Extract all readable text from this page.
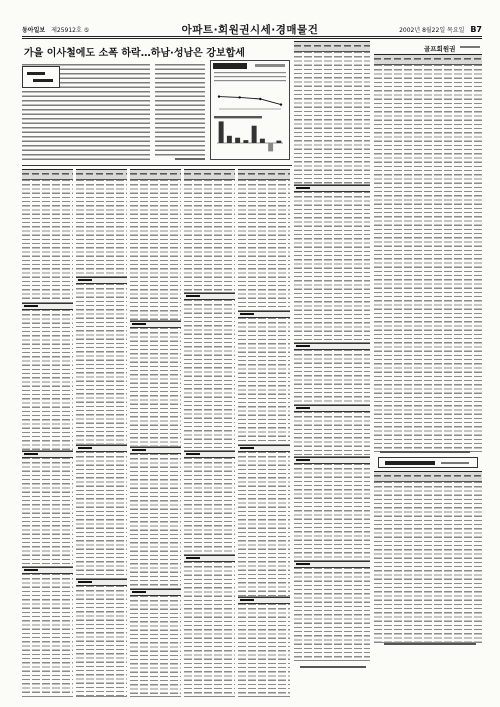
동아일보 제25912호 ⑤	아파트·회원권시세·경매물건	2002년 8월22일 목요일 B7
가을 이사철에도 소폭 하락…하남·성남은 강보합세	골프회원권
